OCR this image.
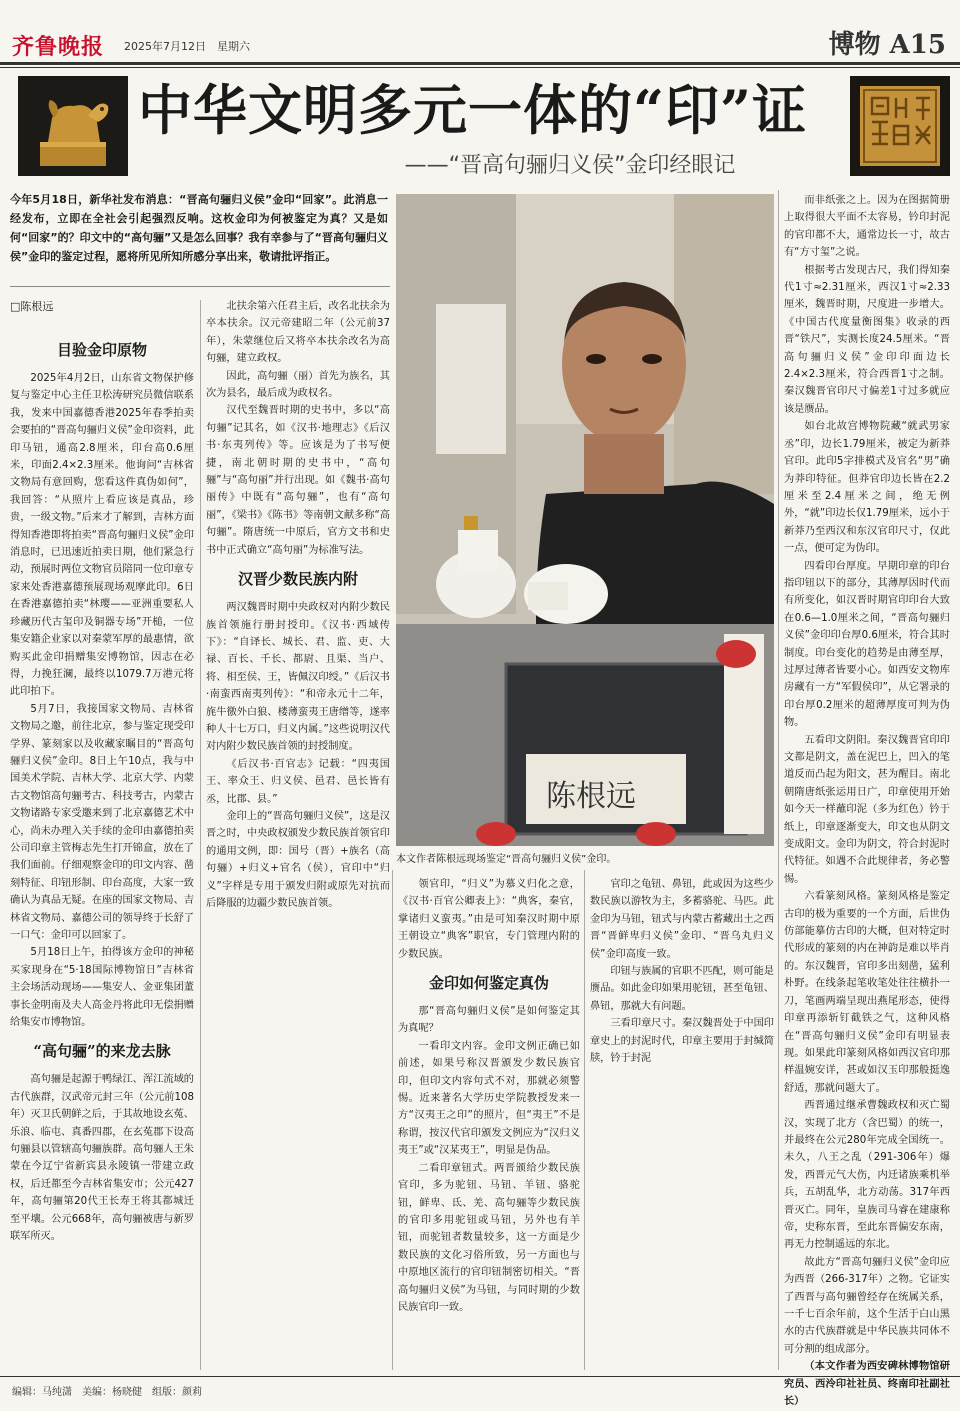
齐鲁晚报 2025年7月12日　星期六	博物 A15
中华文明多元一体的“印”证
——“晋高句骊归义侯”金印经眼记
今年5月18日，新华社发布消息：“晋高句骊归义侯”金印“回家”。此消息一经发布，立即在全社会引起强烈反响。这枚金印为何被鉴定为真？又是如何“回家”的？印文中的“高句骊”又是怎么回事？我有幸参与了“晋高句骊归义侯”金印的鉴定过程，愿将所见所知所感分享出来，敬请批评指正。
□陈根远
目验金印原物

2025年4月2日，山东省文物保护修复与鉴定中心主任卫松涛研究员微信联系我，发来中国嘉德香港2025年春季拍卖会要拍的“晋高句骊归义侯”金印资料，此印马钮，通高2.8厘米，印台高0.6厘米，印面2.4×2.3厘米。他询问“吉林省文物局有意回购，您看这件真伪如何”，我回答：“从照片上看应该是真品，珍贵，一级文物。”后来才了解到，吉林方面得知香港即将拍卖“晋高句骊归义侯”金印消息时，已迅速近拍卖日期，他们紧急行动，预展时两位文物官员陪同一位印章专家来处香港嘉德预展现场观摩此印。6日在香港嘉德拍卖“林璎——亚洲重要私人珍藏历代古玺印及铜器专场”开槌，一位集安籍企业家以对秦蒙军厚的最惠情，欲购买此金印捐赠集安博物馆，因志在必得，力挽狂澜，最终以1079.7万港元将此印拍下。

5月7日，我接国家文物局、吉林省文物局之邀，前往北京，参与鉴定现受印学界、篆刻家以及收藏家瞩目的“晋高句骊归义侯”金印。8日上午10点，我与中国美术学院、吉林大学、北京大学、内蒙古文物馆高句骊考古、科技考古，内蒙古文物诸路专家受邀来到了北京嘉德艺术中心，尚未办理入关手续的金印由嘉德拍卖公司印章主管梅志先生打开锦盒，放在了我们面前。仔细观察金印的印文内容、凿刻特征、印钮形制、印台高度，大家一致确认为真品无疑。在座的国家文物局、吉林省文物局、嘉德公司的领导终于长舒了一口气：金印可以回家了。

5月18日上午，拍得该方金印的神秘买家现身在“5·18国际博物馆日”吉林省主会场活动现场——集安人、金亚集团董事长金明南及夫人高金丹将此印无偿捐赠给集安市博物馆。

“高句骊”的来龙去脉

高句骊是起源于鸭绿江、浑江流域的古代族群，汉武帝元封三年（公元前108年）灭卫氏朝鲜之后，于其故地设玄菟、乐浪、临屯、真番四郡，在玄菟郡下设高句骊县以管辖高句骊族群。高句骊人王朱蒙在今辽宁省新宾县永陵镇一带建立政权，后迁都至今吉林省集安市；公元427年，高句骊第20代王长寿王将其都城迁至平壤。公元668年，高句骊被唐与新罗联军所灭。

北扶余第六任君主后，改名北扶余为卒本扶余。汉元帝建昭二年（公元前37年），朱蒙继位后又将卒本扶余改名为高句骊，建立政权。

因此，高句骊（丽）首先为族名，其次为县名，最后成为政权名。

汉代至魏晋时期的史书中，多以“高句骊”记其名，如《汉书·地理志》《后汉书·东夷列传》等。应该是为了书写便捷，南北朝时期的史书中，“高句骊”与“高句丽”并行出现。如《魏书·高句丽传》中既有“高句骊”，也有“高句丽”，《梁书》《陈书》等南朝文献多称“高句骊”。隋唐统一中原后，官方文书和史书中正式确立“高句丽”为标准写法。

汉晋少数民族内附

两汉魏晋时期中央政权对内附少数民族首领施行册封授印。《汉书·西域传下》：“自译长、城长、君、监、吏、大禄、百长、千长、都尉、且渠、当户、将、相至侯、王，皆佩汉印绶。”《后汉书·南蛮西南夷列传》：“和帝永元十二年，旄牛徼外白狼、楼薄蛮夷王唐缯等，遂率种人十七万口，归义内属。”这些说明汉代对内附少数民族首领的封授制度。

《后汉书·百官志》记载：“四夷国王、率众王、归义侯、邑君、邑长皆有丞，比郡、县。”

金印上的“晋高句骊归义侯”，这是汉晋之时，中央政权颁发少数民族首领官印的通用文例，即：国号（晋）+族名（高句骊）+归义+官名（侯），官印中“归义”字样是专用于颁发归附或原先对抗而后降服的边疆少数民族首领。

陈根远
本文作者陈根远现场鉴定“晋高句骊归义侯”金印。

领官印，“归义”为慕义归化之意，《汉书·百官公卿表上》：“典客，秦官，掌诸归义蛮夷。”由是可知秦汉时期中原王朝设立“典客”职官，专门管理内附的少数民族。

金印如何鉴定真伪

那“晋高句骊归义侯”是如何鉴定其为真呢？

一看印文内容。金印文例正确已如前述，如果号称汉晋颁发少数民族官印，但印文内容句式不对，那就必须警惕。近来著名大学历史学院教授发来一方“汉夷王之印”的照片，但“夷王”不是称谓，按汉代官印颁发文例应为“汉归义夷王”或“汉某夷王”，明显是伪品。

二看印章钮式。两晋颁给少数民族官印，多为驼钮、马钮、羊钮、骆驼钮，鲜卑、氐、羌、高句骊等少数民族的官印多用驼钮或马钮，另外也有羊钮，而驼钮者数量较多，这一方面是少数民族的文化习俗所致，另一方面也与中原地区流行的官印钮制密切相关。“晋高句骊归义侯”为马钮，与同时期的少数民族官印一致。

官印之龟钮、鼻钮，此或因为这些少数民族以游牧为主，多蓄骆驼、马匹。此金印为马钮，钮式与内蒙古蓄藏出土之西晋“晋鲜卑归义侯”金印、“晋乌丸归义侯”金印高度一致。

印钮与族属的官职不匹配，则可能是赝品。如此金印如果用驼钮，甚至龟钮、鼻钮，那就大有问题。

三看印章尺寸。秦汉魏晋处于中国印章史上的封泥时代，印章主要用于封缄简牍，钤于封泥

而非纸张之上。因为在图据简册上取得很大平面不太容易，钤印封泥的官印都不大，通常边长一寸，故古有“方寸玺”之说。

根据考古发现古尺，我们得知秦代1寸≈2.31厘米，西汉1寸≈2.33厘米，魏晋时期，尺度进一步增大。《中国古代度量衡图集》收录的西晋“铁尺”，实测长度24.5厘米。“晋高句骊归义侯”金印印面边长2.4×2.3厘米，符合西晋1寸之制。秦汉魏晋官印尺寸偏差1寸过多就应该是赝品。

如台北故宫博物院藏“就武男家丞”印，边长1.79厘米，被定为新莽官印。此印5字排模式及官名“男”确为莽印特征。但莽官印边长皆在2.2厘米至2.4厘米之间，绝无例外，“就”印边长仅1.79厘米，远小于新莽乃至西汉和东汉官印尺寸，仅此一点，便可定为伪印。

四看印台厚度。早期印章的印台指印钮以下的部分，其薄厚因时代而有所变化，如汉晋时期官印印台大致在0.6—1.0厘米之间，“晋高句骊归义侯”金印印台厚0.6厘米，符合其时制度。印台变化的趋势是由薄至厚，过厚过薄者皆要小心。如西安文物库房藏有一方“军假侯印”，从它署录的印台厚0.2厘米的超薄厚度可判为伪物。

五看印文阴阳。秦汉魏晋官印印文都是阴文，盖在泥巴上，凹入的笔道反而凸起为阳文，甚为醒目。南北朝隋唐纸张运用日广，印章使用开始如今天一样蘸印泥（多为红色）钤于纸上，印章逐渐变大，印文也从阴文变成阳文。金印为阴文，符合封泥时代特征。如遇不合此规律者，务必警惕。

六看篆刻风格。篆刻风格是鉴定古印的极为重要的一个方面，后世伪仿部能摹仿古印的大概，但对特定时代形成的篆刻的内在神韵是难以毕肖的。东汉魏晋，官印多出刻凿，猛利朴野。在线条起笔收笔处往往横扑一刀，笔画两端呈现出燕尾形态，使得印章再添斩钉截铁之气，这种风格在“晋高句骊归义侯”金印有明显表现。如果此印篆刻风格如西汉官印那样温婉安详，甚或如汉玉印那般挺逸舒适，那就问题大了。

西晋通过继承曹魏政权和灭亡蜀汉，实现了北方（含巴蜀）的统一，并最终在公元280年完成全国统一。未久，八王之乱（291-306年）爆发，西晋元气大伤，内迁诸族乘机举兵，五胡乱华，北方动荡。317年西晋灭亡。同年，皇族司马睿在建康称帝，史称东晋，至此东晋偏安东南，再无力控制遥远的东北。

故此方“晋高句骊归义侯”金印应为西晋（266-317年）之物。它证实了西晋与高句骊曾经存在统属关系，一千七百余年前，这个生活于白山黑水的古代族群就是中华民族共同体不可分割的组成部分。

（本文作者为西安碑林博物馆研究员、西泠印社社员、终南印社副社长）

编辑：马纯潇　美编：杨晓健　组版：颜莉
